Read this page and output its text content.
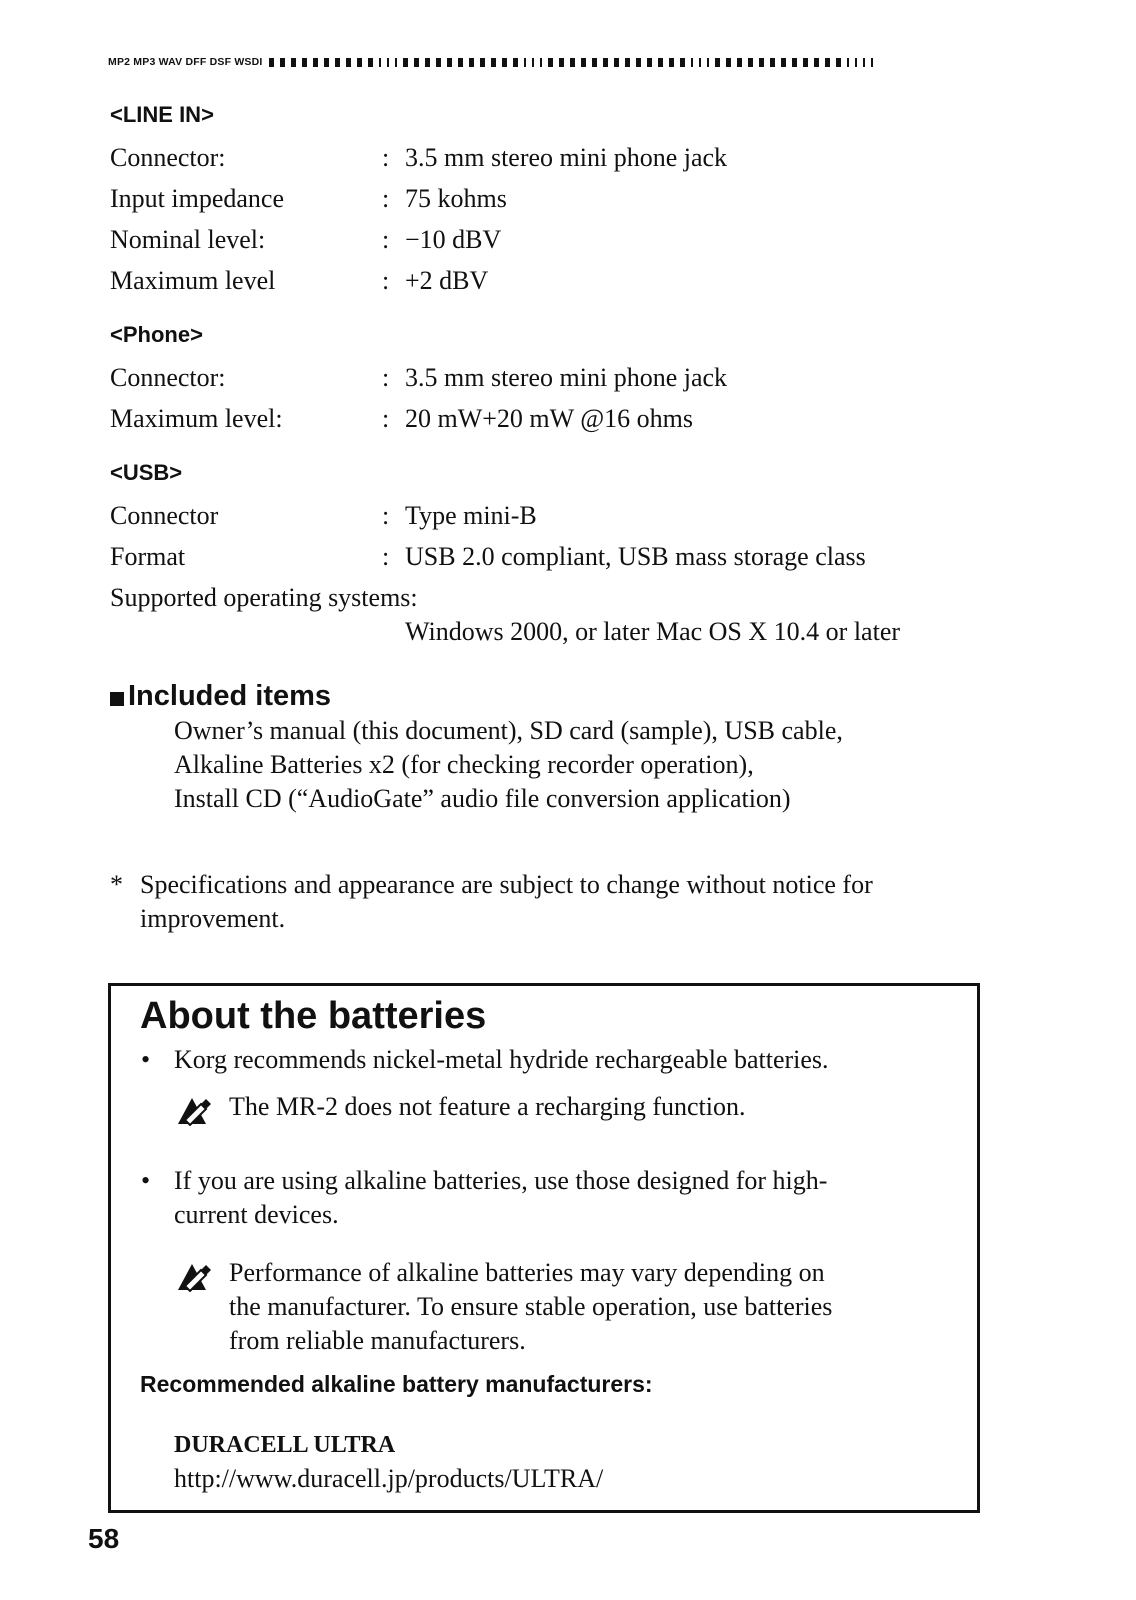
MP2 MP3 WAV DFF DSF WSDI
<LINE IN>
Connector:	: 3.5 mm stereo mini phone jack
Input impedance	: 75 kohms
Nominal level:	: −10 dBV
Maximum level	: +2 dBV
<Phone>
Connector:	: 3.5 mm stereo mini phone jack
Maximum level:	: 20 mW+20 mW @16 ohms
<USB>
Connector	: Type mini-B
Format	: USB 2.0 compliant, USB mass storage class
Supported operating systems:
Windows 2000, or later Mac OS X 10.4 or later
Included items
Owner’s manual (this document), SD card (sample), USB cable,
Alkaline Batteries x2 (for checking recorder operation),
Install CD (“AudioGate” audio file conversion application)
* Specifications and appearance are subject to change without notice for
improvement.
About the batteries
• Korg recommends nickel-metal hydride rechargeable batteries.
The MR-2 does not feature a recharging function.
• If you are using alkaline batteries, use those designed for high-
current devices.
Performance of alkaline batteries may vary depending on
the manufacturer. To ensure stable operation, use batteries
from reliable manufacturers.
Recommended alkaline battery manufacturers:
DURACELL ULTRA
http://www.duracell.jp/products/ULTRA/
58
